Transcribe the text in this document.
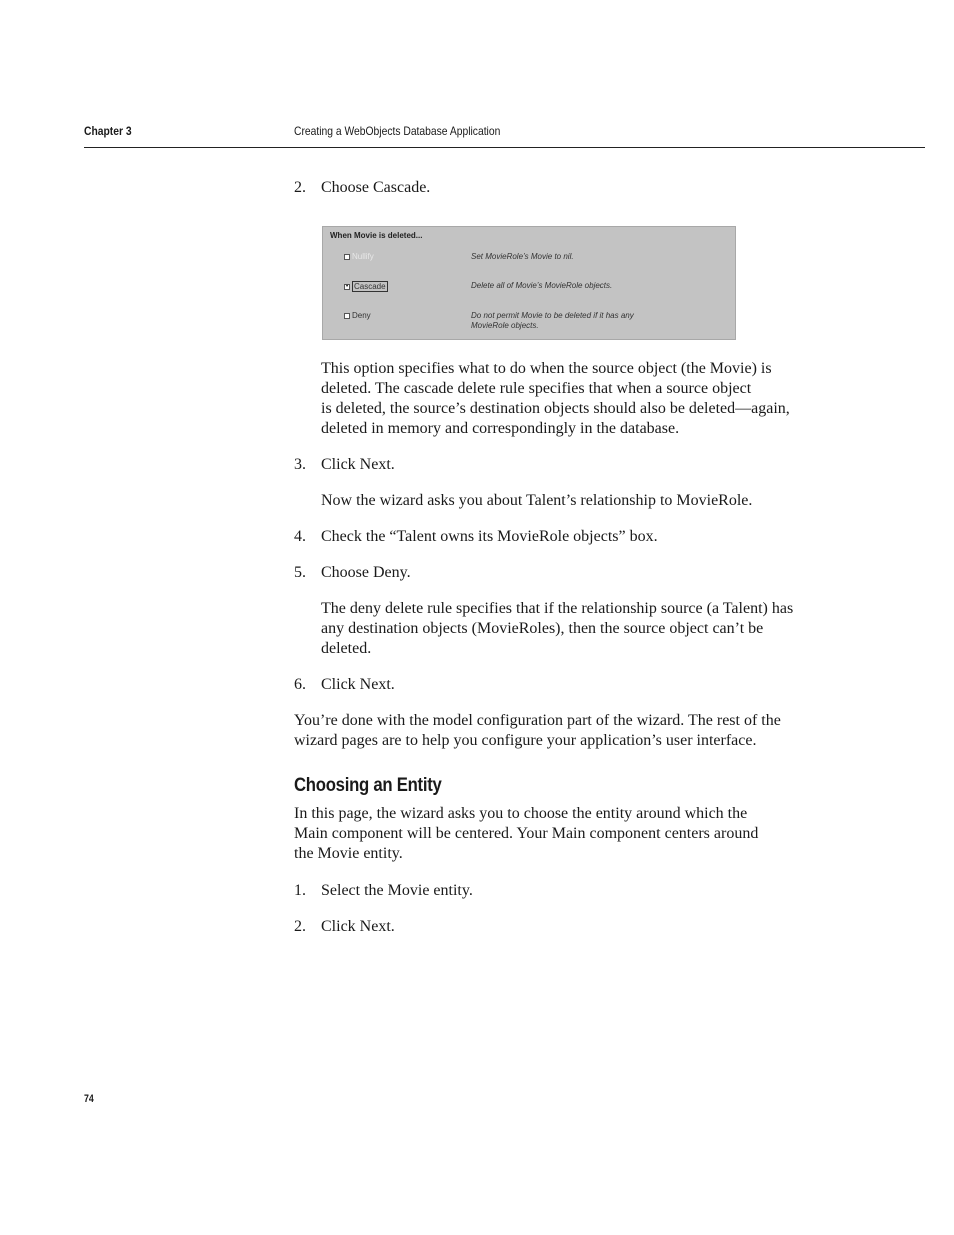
Chapter 3	Creating a WebObjects Database Application
2. Choose Cascade.
When Movie is deleted...
Nullify	Set MovieRole’s Movie to nil.
• Cascade	Delete all of Movie’s MovieRole objects.
Deny	Do not permit Movie to be deleted if it has any
MovieRole objects.
This option specifies what to do when the source object (the Movie) is
deleted. The cascade delete rule specifies that when a source object
is deleted, the source’s destination objects should also be deleted—again,
deleted in memory and correspondingly in the database.
3. Click Next.
Now the wizard asks you about Talent’s relationship to MovieRole.
4. Check the “Talent owns its MovieRole objects” box.
5. Choose Deny.
The deny delete rule specifies that if the relationship source (a Talent) has
any destination objects (MovieRoles), then the source object can’t be
deleted.
6. Click Next.
You’re done with the model configuration part of the wizard. The rest of the
wizard pages are to help you configure your application’s user interface.
Choosing an Entity
In this page, the wizard asks you to choose the entity around which the
Main component will be centered. Your Main component centers around
the Movie entity.
1. Select the Movie entity.
2. Click Next.
74
